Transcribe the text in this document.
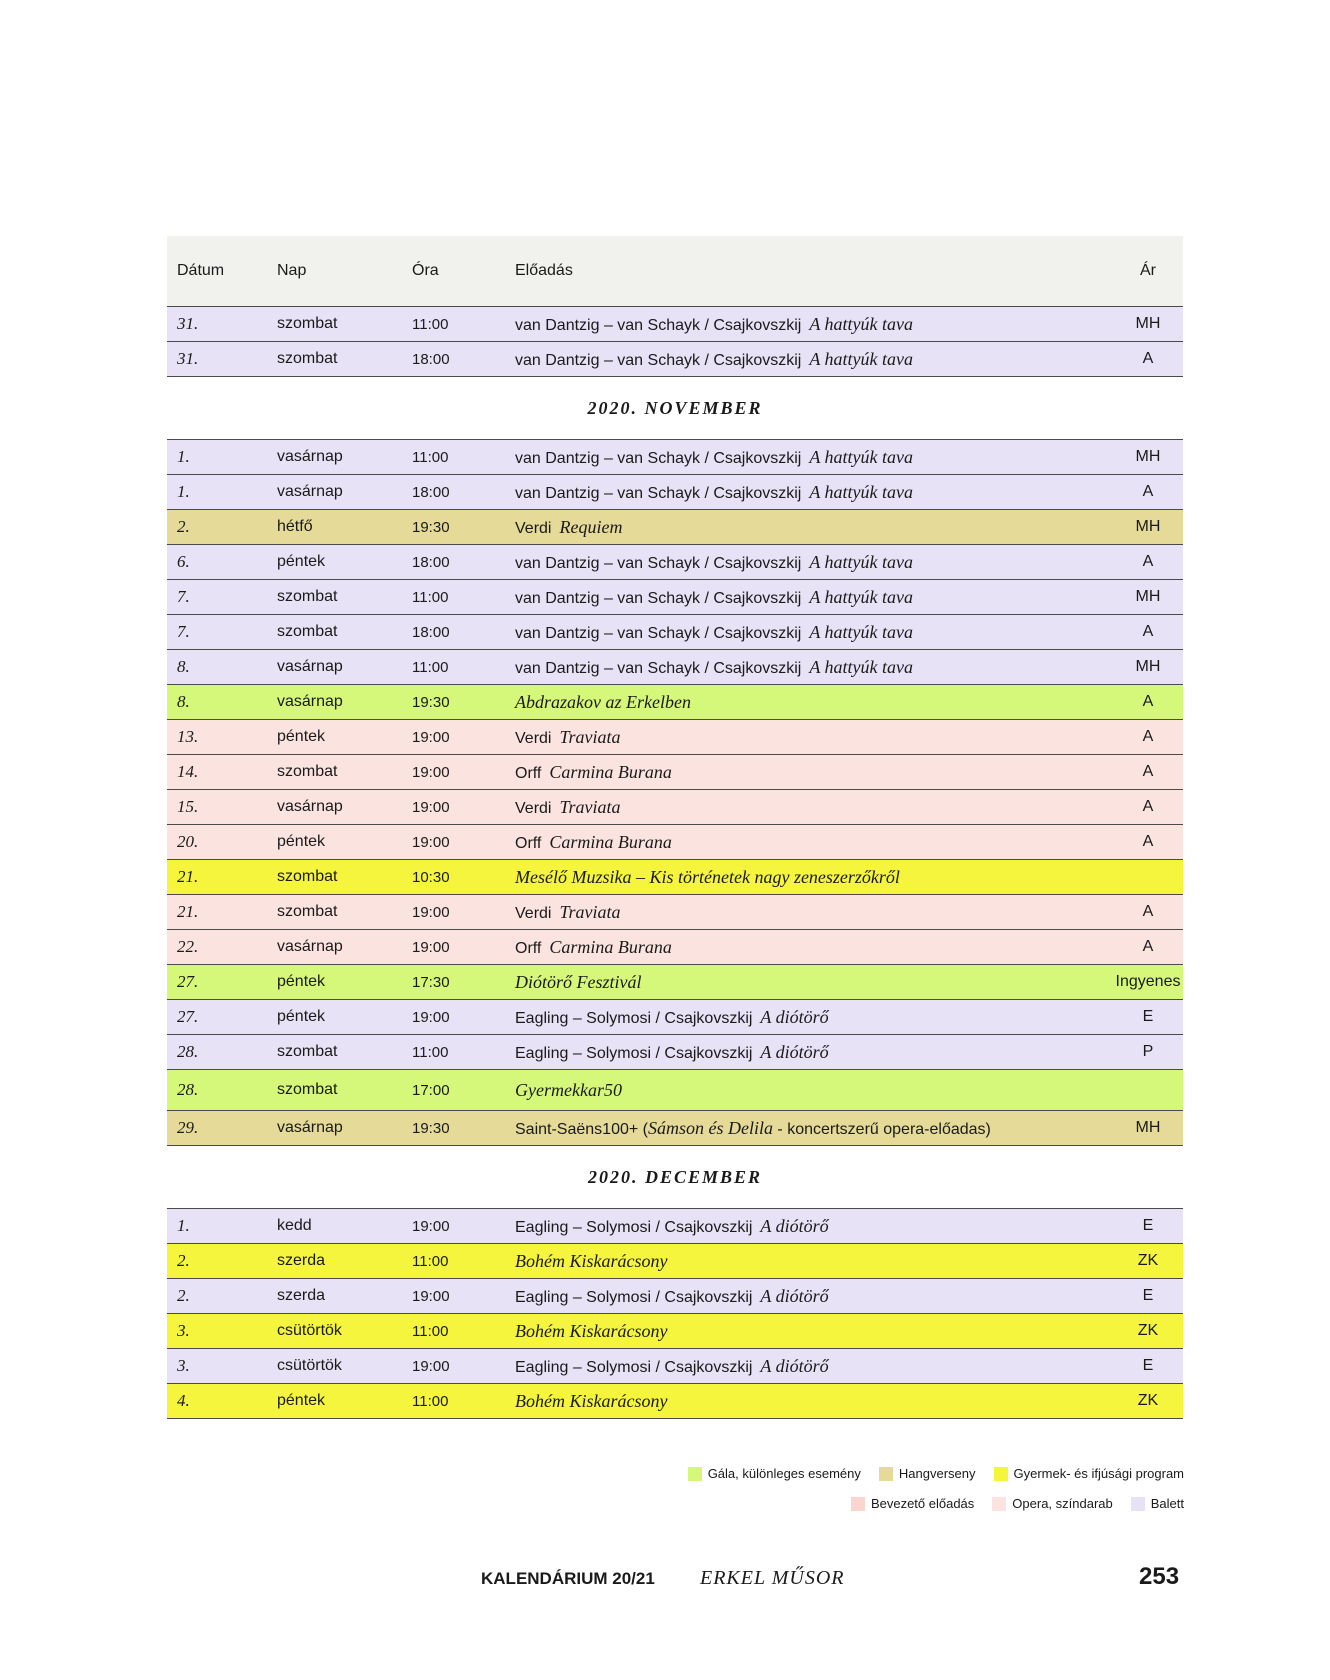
Dátum	Nap	Óra	Előadás	Ár
31.	szombat	11:00	van Dantzig – van Schayk / Csajkovszkij A hattyúk tava	MH
31.	szombat	18:00	van Dantzig – van Schayk / Csajkovszkij A hattyúk tava	A
2020. NOVEMBER
1.	vasárnap	11:00	van Dantzig – van Schayk / Csajkovszkij A hattyúk tava	MH
1.	vasárnap	18:00	van Dantzig – van Schayk / Csajkovszkij A hattyúk tava	A
2.	hétfő	19:30	Verdi Requiem	MH
6.	péntek	18:00	van Dantzig – van Schayk / Csajkovszkij A hattyúk tava	A
7.	szombat	11:00	van Dantzig – van Schayk / Csajkovszkij A hattyúk tava	MH
7.	szombat	18:00	van Dantzig – van Schayk / Csajkovszkij A hattyúk tava	A
8.	vasárnap	11:00	van Dantzig – van Schayk / Csajkovszkij A hattyúk tava	MH
8.	vasárnap	19:30	Abdrazakov az Erkelben	A
13.	péntek	19:00	Verdi Traviata	A
14.	szombat	19:00	Orff Carmina Burana	A
15.	vasárnap	19:00	Verdi Traviata	A
20.	péntek	19:00	Orff Carmina Burana	A
21.	szombat	10:30	Mesélő Muzsika – Kis történetek nagy zeneszerzőkről
21.	szombat	19:00	Verdi Traviata	A
22.	vasárnap	19:00	Orff Carmina Burana	A
27.	péntek	17:30	Diótörő Fesztivál	Ingyenes
27.	péntek	19:00	Eagling – Solymosi / Csajkovszkij A diótörő	E
28.	szombat	11:00	Eagling – Solymosi / Csajkovszkij A diótörő	P
28.	szombat	17:00	Gyermekkar50
29.	vasárnap	19:30	Saint-Saëns100+ (Sámson és Delila - koncertszerű opera-előadas)	MH
2020. DECEMBER
1.	kedd	19:00	Eagling – Solymosi / Csajkovszkij A diótörő	E
2.	szerda	11:00	Bohém Kiskarácsony	ZK
2.	szerda	19:00	Eagling – Solymosi / Csajkovszkij A diótörő	E
3.	csütörtök	11:00	Bohém Kiskarácsony	ZK
3.	csütörtök	19:00	Eagling – Solymosi / Csajkovszkij A diótörő	E
4.	péntek	11:00	Bohém Kiskarácsony	ZK
Gála, különleges esemény	Hangverseny	Gyermek- és ifjúsági program
Bevezető előadás	Opera, színdarab	Balett
KALENDÁRIUM 20/21 ERKEL MŰSOR	253
